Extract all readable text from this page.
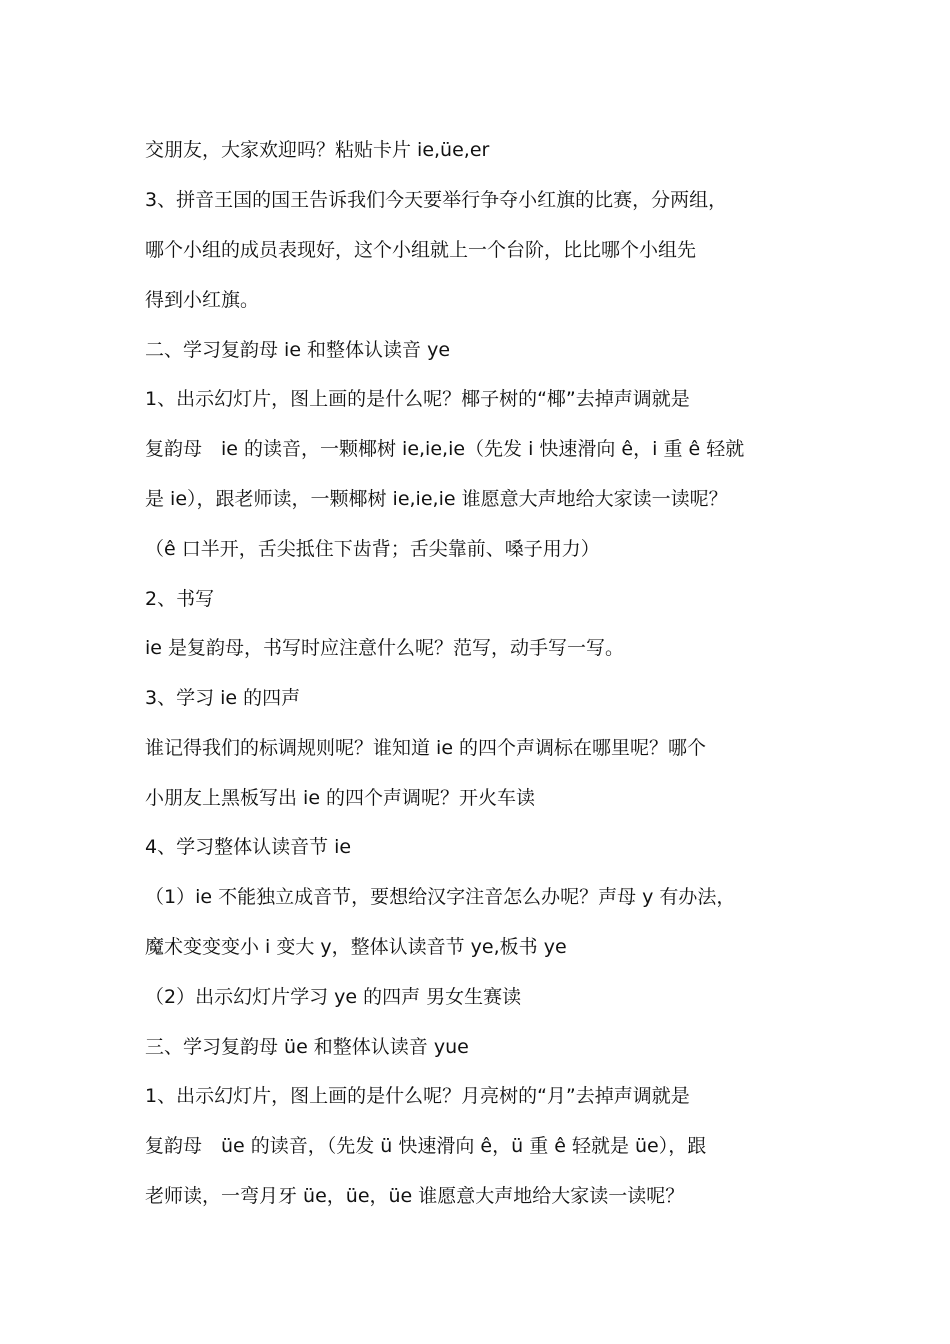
交朋友，大家欢迎吗？粘贴卡片 ie,üe,er
3、拼音王国的国王告诉我们今天要举行争夺小红旗的比赛，分两组，
哪个小组的成员表现好，这个小组就上一个台阶，比比哪个小组先
得到小红旗。
二、学习复韵母 ie 和整体认读音 ye
1、出示幻灯片，图上画的是什么呢？椰子树的“椰”去掉声调就是
复韵母　ie 的读音，一颗椰树 ie,ie,ie（先发 i 快速滑向 ê，i 重 ê 轻就
是 ie），跟老师读，一颗椰树 ie,ie,ie 谁愿意大声地给大家读一读呢？
（ê 口半开，舌尖抵住下齿背；舌尖靠前、嗓子用力）
2、书写
ie 是复韵母，书写时应注意什么呢？范写，动手写一写。
3、学习 ie 的四声
谁记得我们的标调规则呢？谁知道 ie 的四个声调标在哪里呢？哪个
小朋友上黑板写出 ie 的四个声调呢？开火车读
4、学习整体认读音节 ie
（1）ie 不能独立成音节，要想给汉字注音怎么办呢？声母 y 有办法，
魔术变变变小 i 变大 y，整体认读音节 ye,板书 ye
（2）出示幻灯片学习 ye 的四声 男女生赛读
三、学习复韵母 üe 和整体认读音 yue
1、出示幻灯片，图上画的是什么呢？月亮树的“月”去掉声调就是
复韵母　üe 的读音，（先发 ü 快速滑向 ê，ü 重 ê 轻就是 üe），跟
老师读，一弯月牙 üe，üe，üe 谁愿意大声地给大家读一读呢？
